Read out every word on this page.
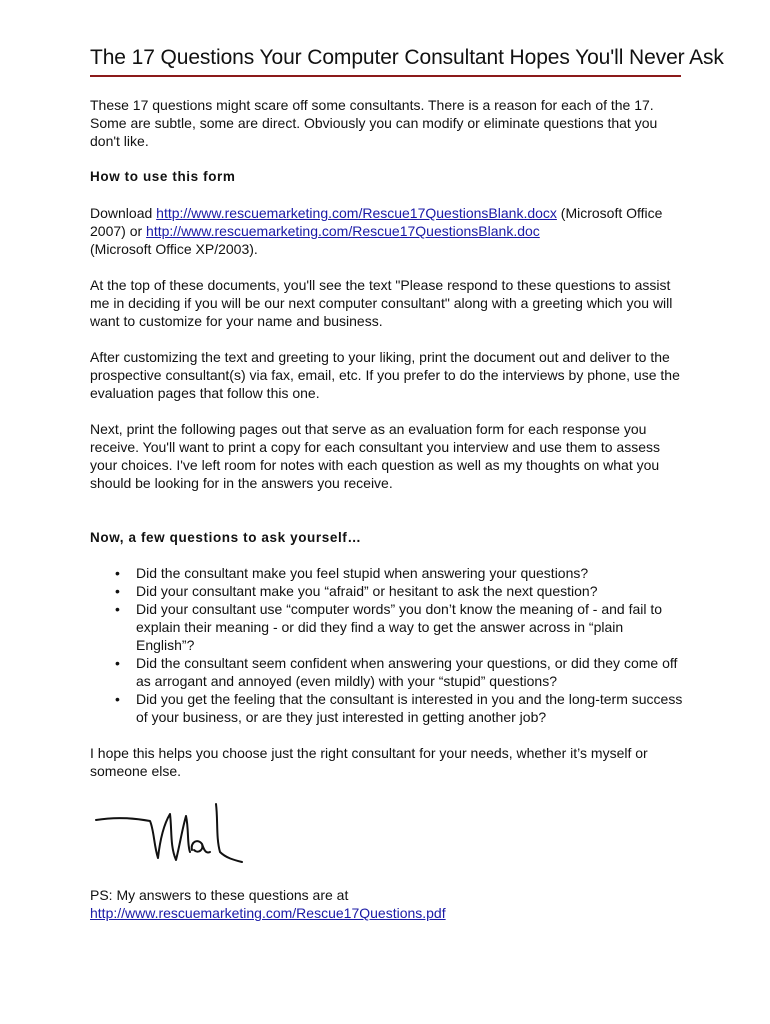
The 17 Questions Your Computer Consultant Hopes You'll Never Ask

These 17 questions might scare off some consultants. There is a reason for each of the 17. Some are subtle, some are direct. Obviously you can modify or eliminate questions that you don't like.

How to use this form

Download http://www.rescuemarketing.com/Rescue17QuestionsBlank.docx (Microsoft Office 2007) or http://www.rescuemarketing.com/Rescue17QuestionsBlank.doc
(Microsoft Office XP/2003).

At the top of these documents, you'll see the text "Please respond to these questions to assist me in deciding if you will be our next computer consultant" along with a greeting which you will want to customize for your name and business.

After customizing the text and greeting to your liking, print the document out and deliver to the prospective consultant(s) via fax, email, etc. If you prefer to do the interviews by phone, use the evaluation pages that follow this one.

Next, print the following pages out that serve as an evaluation form for each response you receive. You'll want to print a copy for each consultant you interview and use them to assess your choices. I've left room for notes with each question as well as my thoughts on what you should be looking for in the answers you receive.

Now, a few questions to ask yourself…

• Did the consultant make you feel stupid when answering your questions?
• Did your consultant make you “afraid” or hesitant to ask the next question?
• Did your consultant use “computer words” you don’t know the meaning of - and fail to explain their meaning - or did they find a way to get the answer across in “plain English”?
• Did the consultant seem confident when answering your questions, or did they come off as arrogant and annoyed (even mildly) with your “stupid” questions?
• Did you get the feeling that the consultant is interested in you and the long-term success of your business, or are they just interested in getting another job?

I hope this helps you choose just the right consultant for your needs, whether it’s myself or someone else.

PS: My answers to these questions are at

http://www.rescuemarketing.com/Rescue17Questions.pdf
